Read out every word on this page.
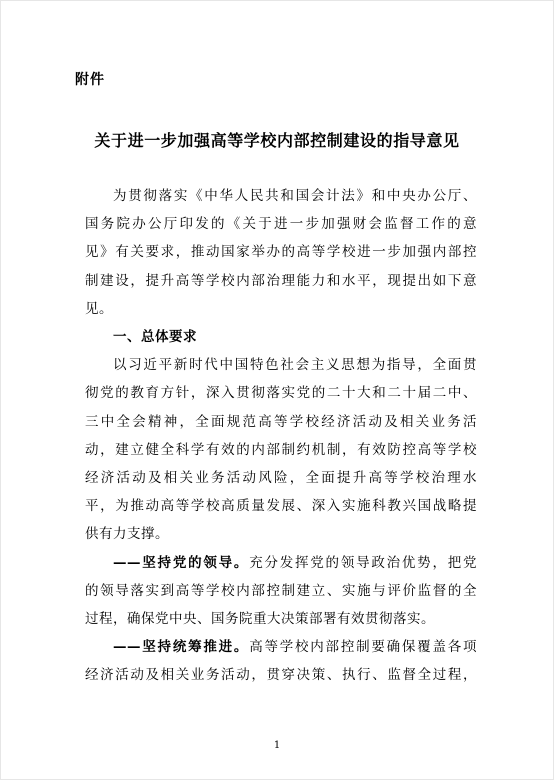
附件
关于进一步加强高等学校内部控制建设的指导意见
为贯彻落实《中华人民共和国会计法》和中央办公厅、
国务院办公厅印发的《关于进一步加强财会监督工作的意
见》有关要求，推动国家举办的高等学校进一步加强内部控
制建设，提升高等学校内部治理能力和水平，现提出如下意
见。
一、总体要求
以习近平新时代中国特色社会主义思想为指导，全面贯
彻党的教育方针，深入贯彻落实党的二十大和二十届二中、
三中全会精神，全面规范高等学校经济活动及相关业务活
动，建立健全科学有效的内部制约机制，有效防控高等学校
经济活动及相关业务活动风险，全面提升高等学校治理水
平，为推动高等学校高质量发展、深入实施科教兴国战略提
供有力支撑。
——坚持党的领导。充分发挥党的领导政治优势，把党
的领导落实到高等学校内部控制建立、实施与评价监督的全
过程，确保党中央、国务院重大决策部署有效贯彻落实。
——坚持统筹推进。高等学校内部控制要确保覆盖各项
经济活动及相关业务活动，贯穿决策、执行、监督全过程，
1
